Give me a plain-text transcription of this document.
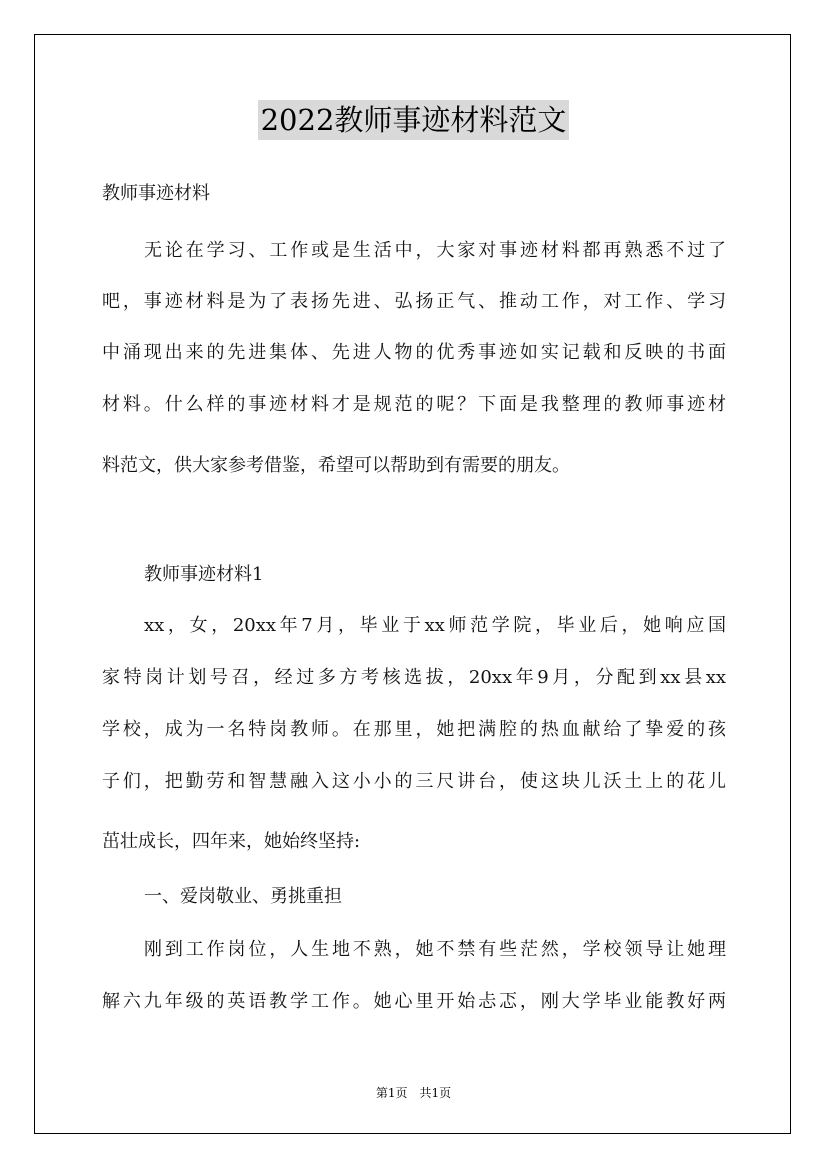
2022教师事迹材料范文
教师事迹材料
无论在学习、工作或是生活中，大家对事迹材料都再熟悉不过了
吧，事迹材料是为了表扬先进、弘扬正气、推动工作，对工作、学习
中涌现出来的先进集体、先进人物的优秀事迹如实记载和反映的书面
材料。什么样的事迹材料才是规范的呢？下面是我整理的教师事迹材
料范文，供大家参考借鉴，希望可以帮助到有需要的朋友。
教师事迹材料1
xx，女，20xx年7月，毕业于xx师范学院，毕业后，她响应国
家特岗计划号召，经过多方考核选拔，20xx年9月，分配到xx县xx
学校，成为一名特岗教师。在那里，她把满腔的热血献给了挚爱的孩
子们，把勤劳和智慧融入这小小的三尺讲台，使这块儿沃土上的花儿
茁壮成长，四年来，她始终坚持:
一、爱岗敬业、勇挑重担
刚到工作岗位，人生地不熟，她不禁有些茫然，学校领导让她理
解六九年级的英语教学工作。她心里开始忐忑，刚大学毕业能教好两
第1页　共1页
